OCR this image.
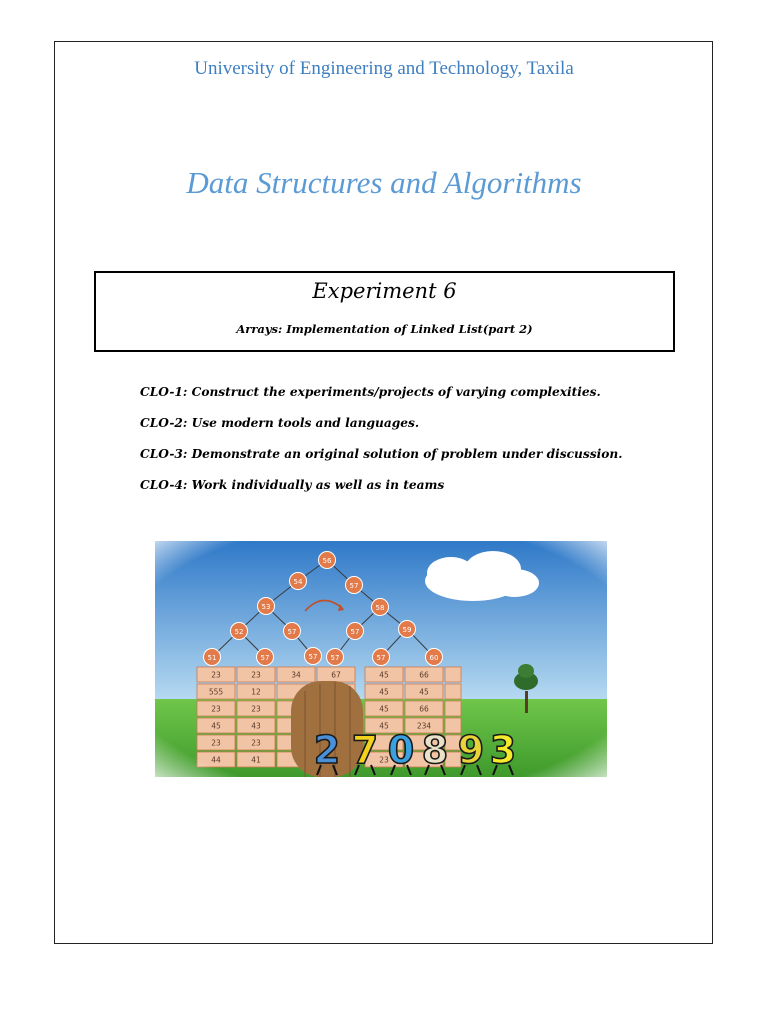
University of Engineering and Technology, Taxila
Data Structures and Algorithms
Experiment 6
Arrays: Implementation of Linked List(part 2)
CLO-1: Construct the experiments/projects of varying complexities.
CLO-2: Use modern tools and languages.
CLO-3: Demonstrate an original solution of problem under discussion.
CLO-4: Work individually as well as in teams
